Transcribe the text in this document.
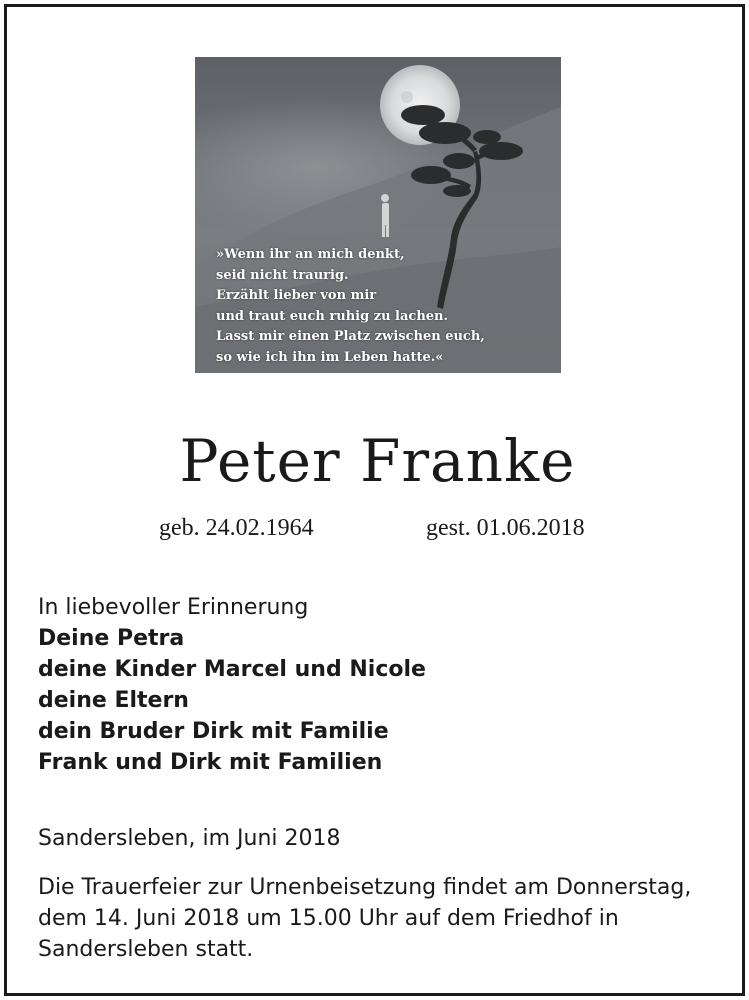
»Wenn ihr an mich denkt,
seid nicht traurig.
Erzählt lieber von mir
und traut euch ruhig zu lachen.
Lasst mir einen Platz zwischen euch,
so wie ich ihn im Leben hatte.«
Peter Franke
geb. 24.02.1964	gest. 01.06.2018
In liebevoller Erinnerung
Deine Petra
deine Kinder Marcel und Nicole
deine Eltern
dein Bruder Dirk mit Familie
Frank und Dirk mit Familien
Sandersleben, im Juni 2018
Die Trauerfeier zur Urnenbeisetzung findet am Donnerstag,
dem 14. Juni 2018 um 15.00 Uhr auf dem Friedhof in
Sandersleben statt.
